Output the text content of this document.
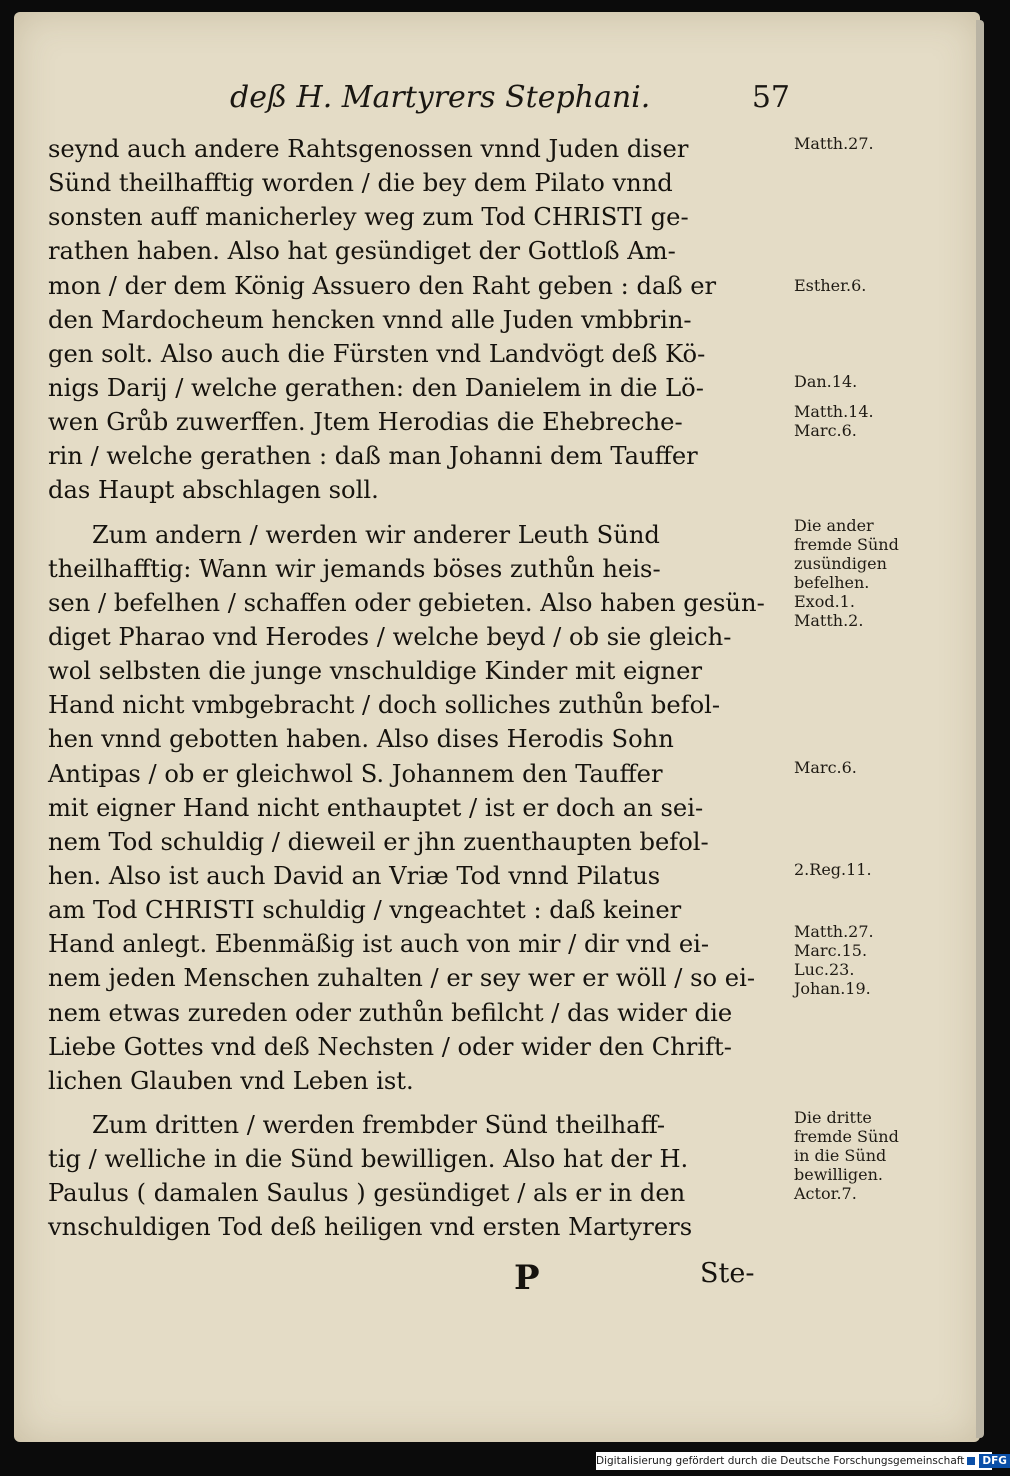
deß H. Martyrers Stephani.	57
seynd auch andere Rahtsgenossen vnnd Juden diser
Sünd theilhafftig worden / die bey dem Pilato vnnd
sonsten auff manicherley weg zum Tod CHRISTI ge-
rathen haben. Also hat gesündiget der Gottloß Am-
mon / der dem König Assuero den Raht geben : daß er
den Mardocheum hencken vnnd alle Juden vmbbrin-
gen solt. Also auch die Fürsten vnd Landvögt deß Kö-
nigs Darij / welche gerathen: den Danielem in die Lö-
wen Grůb zuwerffen. Jtem Herodias die Ehebreche-
rin / welche gerathen : daß man Johanni dem Tauffer
das Haupt abschlagen soll.
Zum andern / werden wir anderer Leuth Sünd
theilhafftig: Wann wir jemands böses zuthůn heis-
sen / befelhen / schaffen oder gebieten. Also haben gesün-
diget Pharao vnd Herodes / welche beyd / ob sie gleich-
wol selbsten die junge vnschuldige Kinder mit eigner
Hand nicht vmbgebracht / doch solliches zuthůn befol-
hen vnnd gebotten haben. Also dises Herodis Sohn
Antipas / ob er gleichwol S. Johannem den Tauffer
mit eigner Hand nicht enthauptet / ist er doch an sei-
nem Tod schuldig / dieweil er jhn zuenthaupten befol-
hen. Also ist auch David an Vriæ Tod vnnd Pilatus
am Tod CHRISTI schuldig / vngeachtet : daß keiner
Hand anlegt. Ebenmäßig ist auch von mir / dir vnd ei-
nem jeden Menschen zuhalten / er sey wer er wöll / so ei-
nem etwas zureden oder zuthůn befilcht / das wider die
Liebe Gottes vnd deß Nechsten / oder wider den Chrift-
lichen Glauben vnd Leben ist.
Zum dritten / werden frembder Sünd theilhaff-
tig / welliche in die Sünd bewilligen. Also hat der H.
Paulus ( damalen Saulus ) gesündiget / als er in den
vnschuldigen Tod deß heiligen vnd ersten Martyrers
Matth.27.
Esther.6.
Dan.14.
Matth.14.
Marc.6.
Die ander
fremde Sünd
zusündigen
befelhen.
Exod.1.
Matth.2.
Marc.6.
2.Reg.11.
Matth.27.
Marc.15.
Luc.23.
Johan.19.
Die dritte
fremde Sünd
in die Sünd
bewilligen.
Actor.7.
P	Ste-
Digitalisierung gefördert durch die Deutsche Forschungsgemeinschaft DFG
